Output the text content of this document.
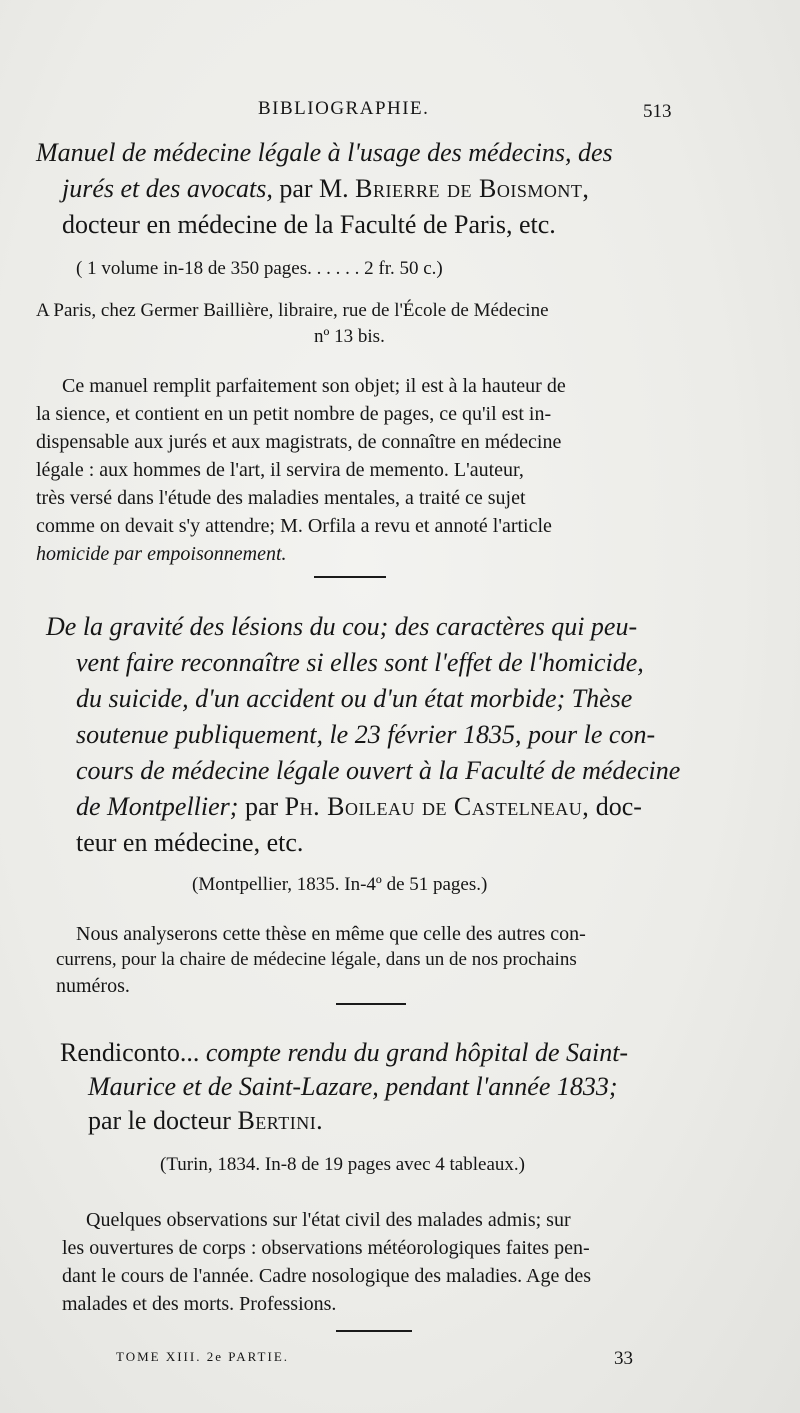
BIBLIOGRAPHIE.	513
Manuel de médecine légale à l'usage des médecins, des
jurés et des avocats, par M. Brierre de Boismont,
docteur en médecine de la Faculté de Paris, etc.
( 1 volume in-18 de 350 pages. . . . . . 2 fr. 50 c.)
A Paris, chez Germer Baillière, libraire, rue de l'École de Médecine
nº 13 bis.
Ce manuel remplit parfaitement son objet; il est à la hauteur de
la sience, et contient en un petit nombre de pages, ce qu'il est in-
dispensable aux jurés et aux magistrats, de connaître en médecine
légale : aux hommes de l'art, il servira de memento. L'auteur,
très versé dans l'étude des maladies mentales, a traité ce sujet
comme on devait s'y attendre; M. Orfila a revu et annoté l'article
homicide par empoisonnement.
De la gravité des lésions du cou; des caractères qui peu-
vent faire reconnaître si elles sont l'effet de l'homicide,
du suicide, d'un accident ou d'un état morbide; Thèse
soutenue publiquement, le 23 février 1835, pour le con-
cours de médecine légale ouvert à la Faculté de médecine
de Montpellier; par Ph. Boileau de Castelneau, doc-
teur en médecine, etc.
(Montpellier, 1835. In-4º de 51 pages.)
Nous analyserons cette thèse en même que celle des autres con-
currens, pour la chaire de médecine légale, dans un de nos prochains
numéros.
Rendiconto... compte rendu du grand hôpital de Saint-
Maurice et de Saint-Lazare, pendant l'année 1833;
par le docteur Bertini.
(Turin, 1834. In-8 de 19 pages avec 4 tableaux.)
Quelques observations sur l'état civil des malades admis; sur
les ouvertures de corps : observations météorologiques faites pen-
dant le cours de l'année. Cadre nosologique des maladies. Age des
malades et des morts. Professions.
TOME XIII. 2e PARTIE.	33
